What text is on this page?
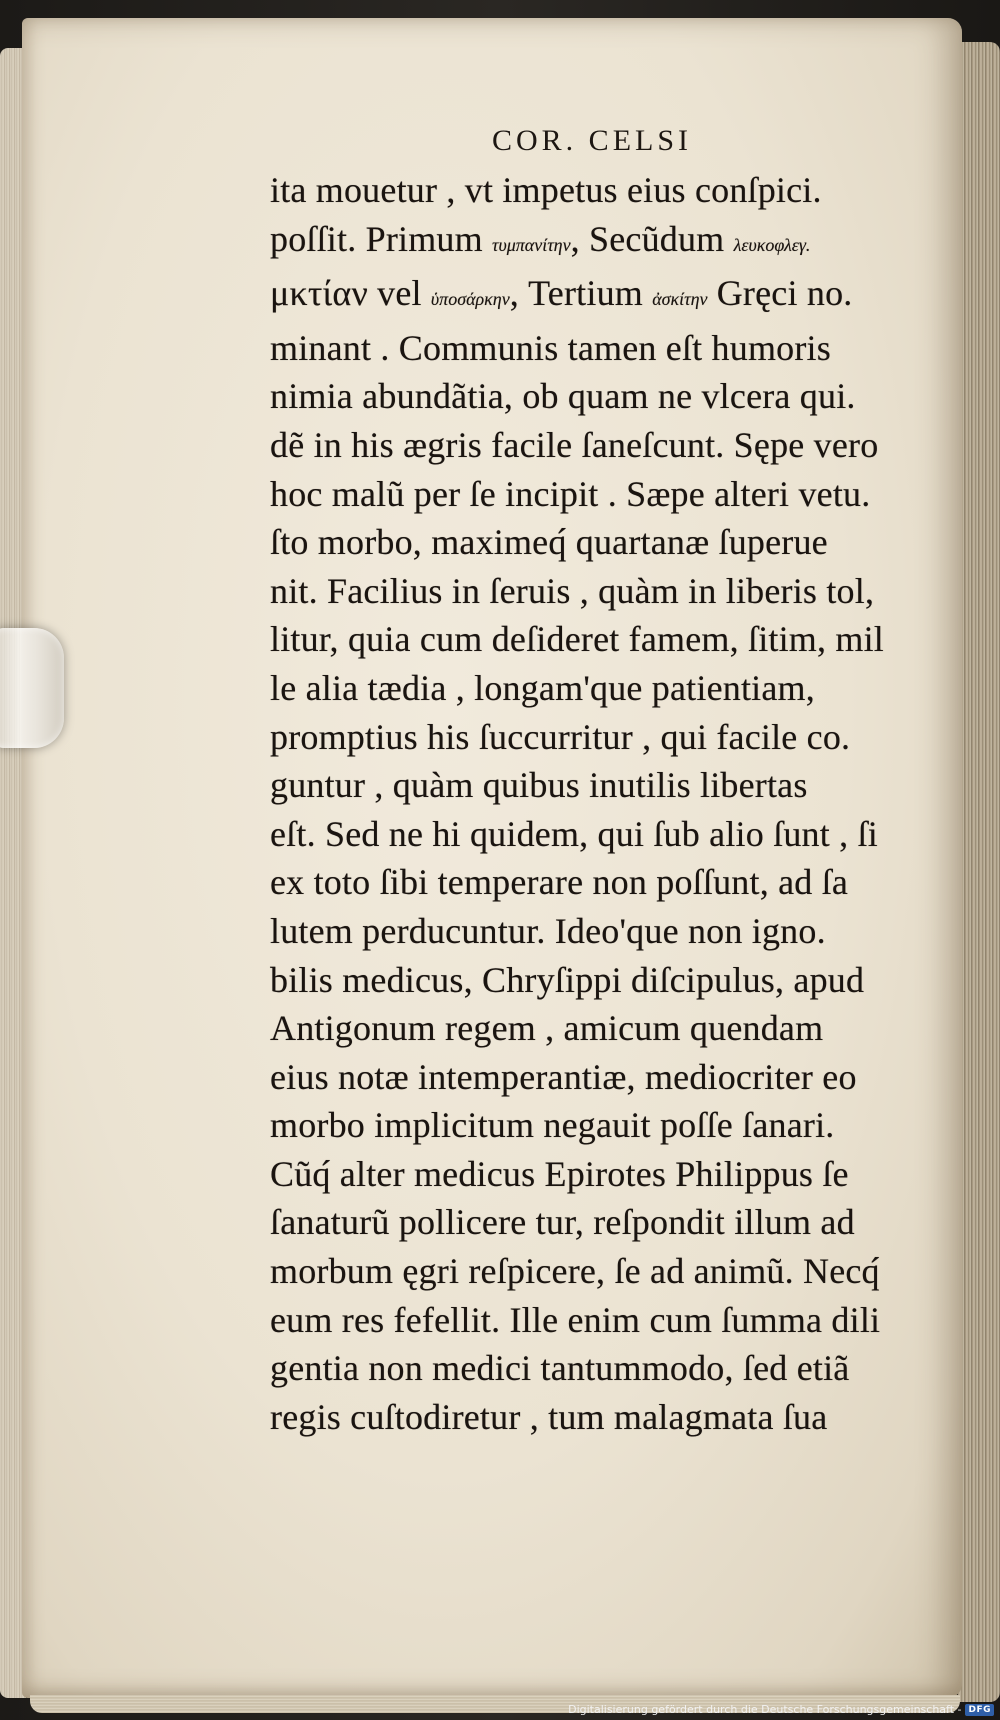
COR. CELSI
ita mouetur , vt impetus eius conſpici.
poſſit. Primum τυμπανίτην, Secũdum λευκοφλεγ.
μκτίαν vel ὑποσάρκην, Tertium ἀσκίτην Gręci no.
minant . Communis tamen eſt humoris
nimia abundãtia, ob quam ne vlcera qui.
dẽ in his ægris facile ſaneſcunt. Sępe vero
hoc malũ per ſe incipit . Sæpe alteri vetu.
ſto morbo, maximeq́ quartanæ ſuperue
nit. Facilius in ſeruis , quàm in liberis tol,
litur, quia cum deſideret famem, ſitim, mil
le alia tædia , longam'que patientiam,
promptius his ſuccurritur , qui facile co.
guntur , quàm quibus inutilis libertas
eſt. Sed ne hi quidem, qui ſub alio ſunt , ſi
ex toto ſibi temperare non poſſunt, ad ſa
lutem perducuntur. Ideo'que non igno.
bilis medicus, Chryſippi diſcipulus, apud
Antigonum regem , amicum quendam
eius notæ intemperantiæ, mediocriter eo
morbo implicitum negauit poſſe ſanari.
Cũq́ alter medicus Epirotes Philippus ſe
ſanaturũ pollicere tur, reſpondit illum ad
morbum ęgri reſpicere, ſe ad animũ. Necq́
eum res fefellit. Ille enim cum ſumma dili
gentia non medici tantummodo, ſed etiã
regis cuſtodiretur , tum malagmata ſua
Digitalisierung gefördert durch die Deutsche Forschungsgemeinschaft - DFG
